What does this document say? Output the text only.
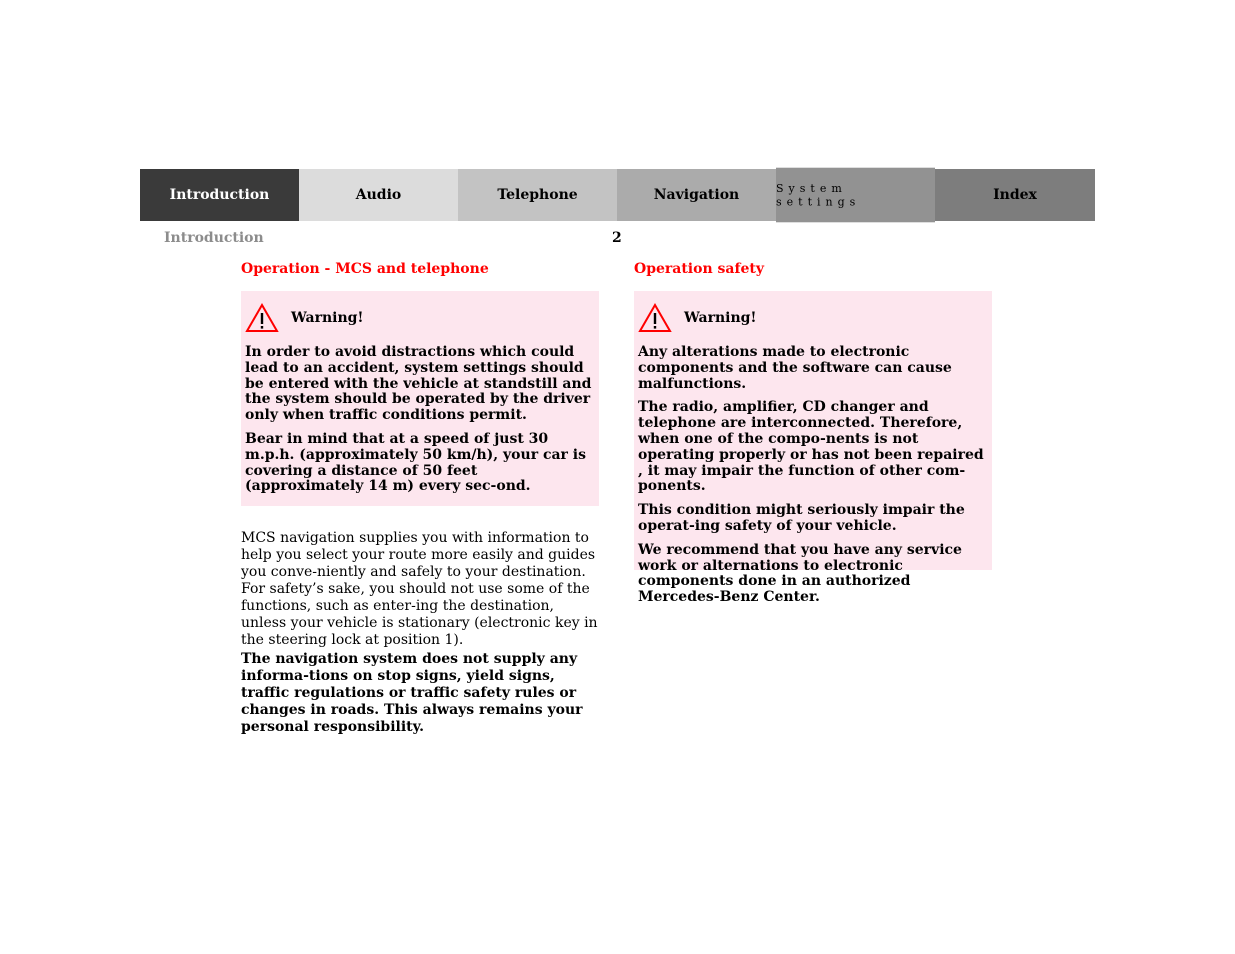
Introduction	Audio	Telephone	Navigation	System settings	Index
Introduction	2
Operation - MCS and telephone
Warning!

In order to avoid distractions which could lead to an accident, system settings should be entered with the vehicle at standstill and the system should be operated by the driver only when traffic conditions permit.

Bear in mind that at a speed of just 30 m.p.h. (approximately 50 km/h), your car is covering a distance of 50 feet (approximately 14 m) every sec-ond.

MCS navigation supplies you with information to help you select your route more easily and guides you conve-niently and safely to your destination. For safety’s sake, you should not use some of the functions, such as enter-ing the destination, unless your vehicle is stationary (electronic key in the steering lock at position 1).

The navigation system does not supply any informa-tions on stop signs, yield signs, traffic regulations or traffic safety rules or changes in roads. This always remains your personal responsibility.

Operation safety
Warning!

Any alterations made to electronic components and the software can cause malfunctions.

The radio, amplifier, CD changer and telephone are interconnected. Therefore, when one of the compo-nents is not operating properly or has not been repaired , it may impair the function of other com-ponents.

This condition might seriously impair the operat-ing safety of your vehicle.

We recommend that you have any service work or alternations to electronic components done in an authorized Mercedes-Benz Center.
